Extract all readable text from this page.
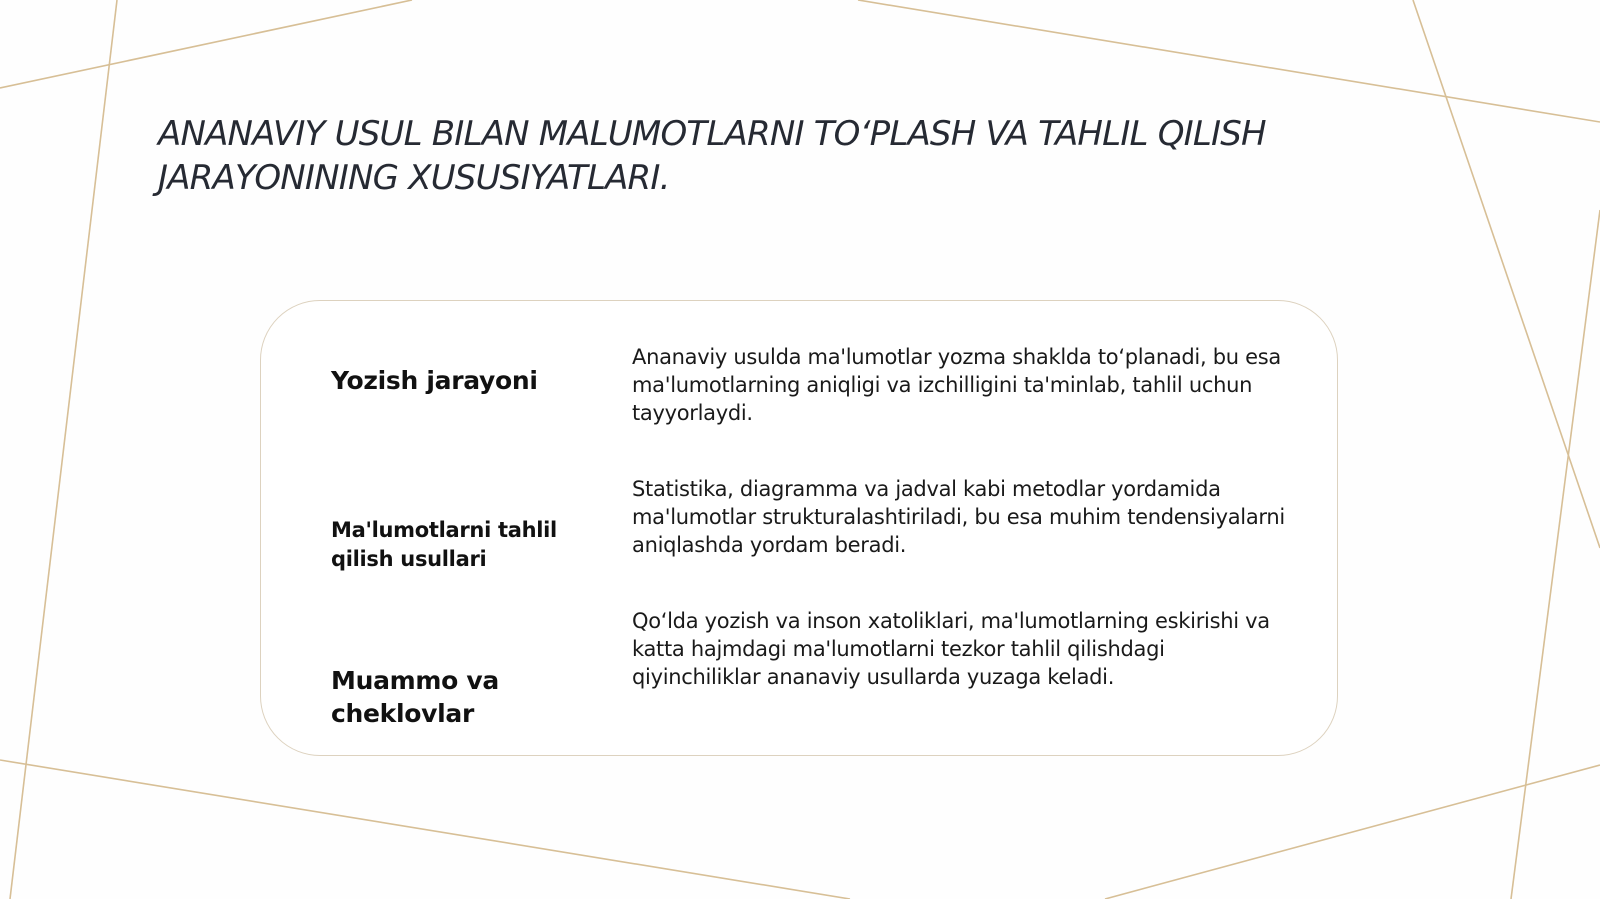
ANANAVIY USUL BILAN MALUMOTLARNI TO‘PLASH VA TAHLIL QILISH JARAYONINING XUSUSIYATLARI.
Yozish jarayoni
Ananaviy usulda ma'lumotlar yozma shaklda to‘planadi, bu esa ma'lumotlarning aniqligi va izchilligini ta'minlab, tahlil uchun tayyorlaydi.
Ma'lumotlarni tahlil qilish usullari
Statistika, diagramma va jadval kabi metodlar yordamida ma'lumotlar strukturalashtiriladi, bu esa muhim tendensiyalarni aniqlashda yordam beradi.
Muammo va cheklovlar
Qo‘lda yozish va inson xatoliklari, ma'lumotlarning eskirishi va katta hajmdagi ma'lumotlarni tezkor tahlil qilishdagi qiyinchiliklar ananaviy usullarda yuzaga keladi.
